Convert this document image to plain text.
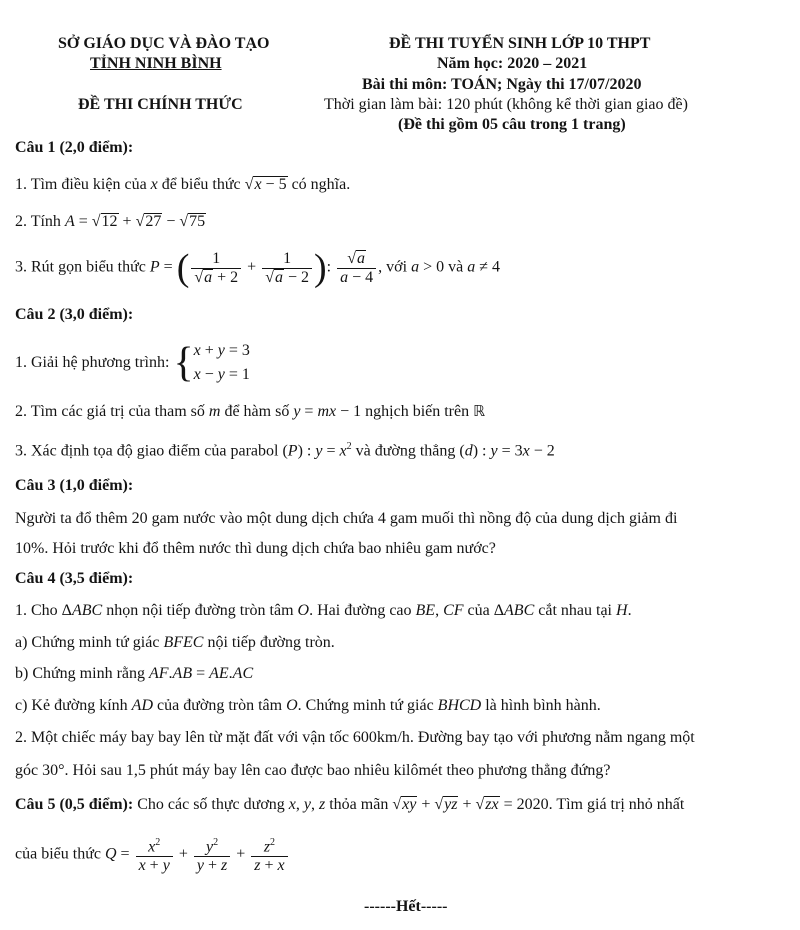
SỞ GIÁO DỤC VÀ ĐÀO TẠO
TỈNH NINH BÌNH
ĐỀ THI CHÍNH THỨC
ĐỀ THI TUYỂN SINH LỚP 10 THPT
Năm học: 2020 – 2021
Bài thi môn: TOÁN; Ngày thi 17/07/2020
Thời gian làm bài: 120 phút (không kể thời gian giao đề)
(Đề thi gồm 05 câu trong 1 trang)
Câu 1 (2,0 điểm):
1. Tìm điều kiện của x để biểu thức √x − 5 có nghĩa.
2. Tính A = √12 + √27 − √75
3. Rút gọn biểu thức P = ( $\frac{1}{√a + 2} + \frac{1}{√a - 2}$ ): $\frac{√a}{a - 4}$ , với a > 0 và a ≠ 4
Câu 2 (3,0 điểm):
1. Giải hệ phương trình: {x + y = 3
x − y = 1
2. Tìm các giá trị của tham số m để hàm số y = mx − 1 nghịch biến trên ℝ
3. Xác định tọa độ giao điểm của parabol (P) : $y = x^2$ và đường thẳng (d) : y = 3x − 2
Câu 3 (1,0 điểm):
Người ta đổ thêm 20 gam nước vào một dung dịch chứa 4 gam muối thì nồng độ của dung dịch giảm đi
10%. Hỏi trước khi đổ thêm nước thì dung dịch chứa bao nhiêu gam nước?
Câu 4 (3,5 điểm):
1. Cho ΔABC nhọn nội tiếp đường tròn tâm O. Hai đường cao BE, CF của ΔABC cắt nhau tại H.
a) Chứng minh tứ giác BFEC nội tiếp đường tròn.
b) Chứng minh rằng AF.AB = AE.AC
c) Kẻ đường kính AD của đường tròn tâm O. Chứng minh tứ giác BHCD là hình bình hành.
2. Một chiếc máy bay bay lên từ mặt đất với vận tốc 600km/h. Đường bay tạo với phương nằm ngang một
góc 30°. Hỏi sau 1,5 phút máy bay lên cao được bao nhiêu kilômét theo phương thẳng đứng?
Câu 5 (0,5 điểm): Cho các số thực dương x, y, z thỏa mãn √xy + √yz + √zx = 2020. Tìm giá trị nhỏ nhất
của biểu thức $Q = \frac{x^2}{x + y} + \frac{y^2}{y + z} + \frac{z^2}{z + x}$
------Hết-----
